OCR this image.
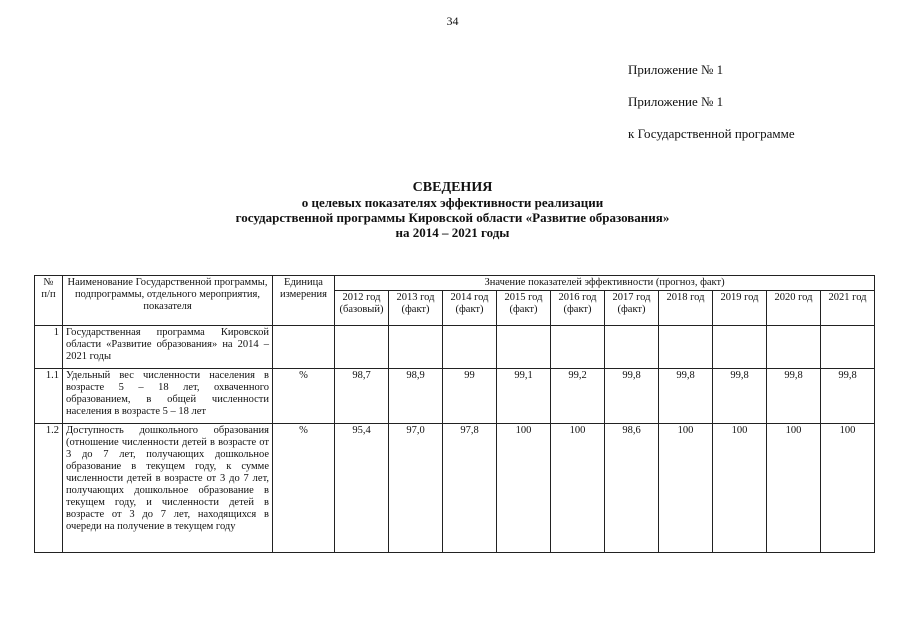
34
Приложение № 1
Приложение № 1
к Государственной программе
СВЕДЕНИЯ
о целевых показателях эффективности реализации
государственной программы Кировской области «Развитие образования»
на 2014 – 2021 годы
№ п/п	Наименование Государственной программы, подпрограммы, отдельного мероприятия, показателя	Единица измерения	Значение показателей эффективности (прогноз, факт)									
			2012 год (базовый)	2013 год (факт)	2014 год (факт)	2015 год (факт)	2016 год (факт)	2017 год (факт)	2018 год	2019 год	2020 год	2021 год
1	Государственная программа Кировской области «Развитие образования» на 2014 – 2021 годы											
1.1	Удельный вес численности населения в возрасте 5 – 18 лет, охваченного образованием, в общей численности населения в возрасте 5 – 18 лет	%	98,7	98,9	99	99,1	99,2	99,8	99,8	99,8	99,8	99,8
1.2	Доступность дошкольного образования (отношение численности детей в возрасте от 3 до 7 лет, получающих дошкольное образование в текущем году, к сумме численности детей в возрасте от 3 до 7 лет, получающих дошкольное образование в текущем году, и численности детей в возрасте от 3 до 7 лет, находящихся в очереди на получение в текущем году	%	95,4	97,0	97,8	100	100	98,6	100	100	100	100
